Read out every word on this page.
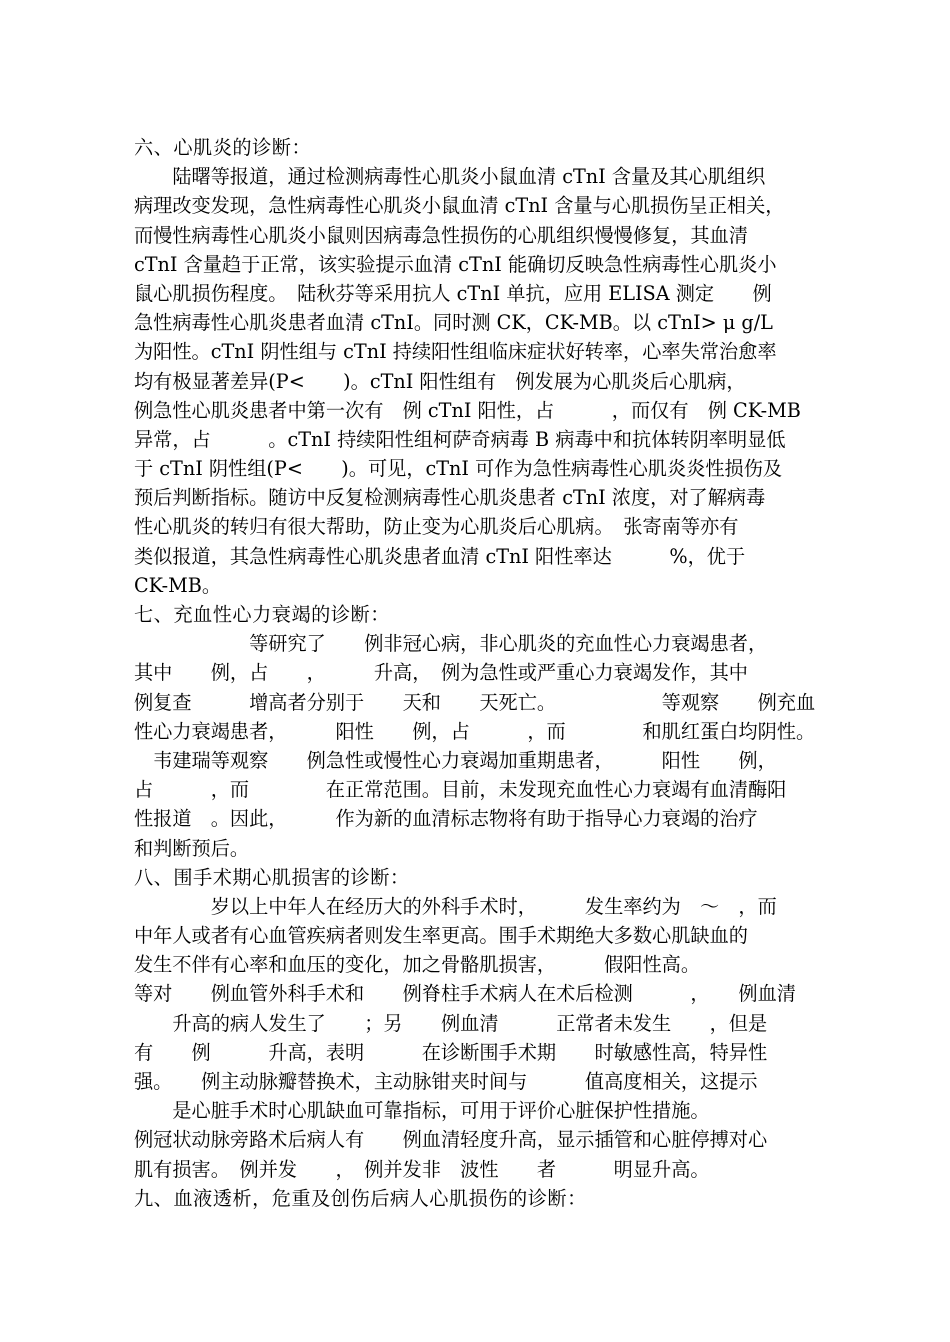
六、心肌炎的诊断：
　　陆曙等报道，通过检测病毒性心肌炎小鼠血清 cTnI 含量及其心肌组织
病理改变发现，急性病毒性心肌炎小鼠血清 cTnI 含量与心肌损伤呈正相关，
而慢性病毒性心肌炎小鼠则因病毒急性损伤的心肌组织慢慢修复，其血清
cTnI 含量趋于正常，该实验提示血清 cTnI 能确切反映急性病毒性心肌炎小
鼠心肌损伤程度。　陆秋芬等采用抗人 cTnI 单抗，应用 ELISA 测定　　例
急性病毒性心肌炎患者血清 cTnI。同时测 CK，CK-MB。以 cTnI> μ g/L
为阳性。cTnI 阴性组与 cTnI 持续阳性组临床症状好转率，心率失常治愈率
均有极显著差异(P<　　)。cTnI 阳性组有　例发展为心肌炎后心肌病，
例急性心肌炎患者中第一次有　例 cTnI 阳性，占　　　，而仅有　例 CK-MB
异常，占　　　。cTnI 持续阳性组柯萨奇病毒 B 病毒中和抗体转阴率明显低
于 cTnI 阴性组(P<　　)。可见，cTnI 可作为急性病毒性心肌炎炎性损伤及
预后判断指标。随访中反复检测病毒性心肌炎患者 cTnI 浓度，对了解病毒
性心肌炎的转归有很大帮助，防止变为心肌炎后心肌病。　张寄南等亦有
类似报道，其急性病毒性心肌炎患者血清 cTnI 阳性率达　　　%，优于
CK-MB。
七、充血性心力衰竭的诊断：
　　　　　　等研究了　　例非冠心病，非心肌炎的充血性心力衰竭患者，
其中　　例，占　　，　　　升高，　例为急性或严重心力衰竭发作，其中
例复查　　　增高者分别于　　天和　　天死亡。　　　　　　等观察　　例充血
性心力衰竭患者，　　　阳性　　例，占　　　，而　　　　和肌红蛋白均阴性。
　韦建瑞等观察　　例急性或慢性心力衰竭加重期患者，　　　阳性　　例，
占　　　，而　　　　在正常范围。目前，未发现充血性心力衰竭有血清酶阳
性报道　。因此，　　　作为新的血清标志物将有助于指导心力衰竭的治疗
和判断预后。
八、围手术期心肌损害的诊断：
　　　　岁以上中年人在经历大的外科手术时，　　　发生率约为　～　，而
中年人或者有心血管疾病者则发生率更高。围手术期绝大多数心肌缺血的
发生不伴有心率和血压的变化，加之骨骼肌损害，　　　假阳性高。
等对　　例血管外科手术和　　例脊柱手术病人在术后检测　　　，　　例血清
　　升高的病人发生了　　；另　　例血清　　　正常者未发生　　，但是
有　　例　　　升高，表明　　　在诊断围手术期　　时敏感性高，特异性
强。　　例主动脉瓣替换术，主动脉钳夹时间与　　　值高度相关，这提示
　　是心脏手术时心肌缺血可靠指标，可用于评价心脏保护性措施。
例冠状动脉旁路术后病人有　　例血清轻度升高，显示插管和心脏停搏对心
肌有损害。　例并发　　，　例并发非　波性　　者　　　明显升高。
九、血液透析，危重及创伤后病人心肌损伤的诊断：
